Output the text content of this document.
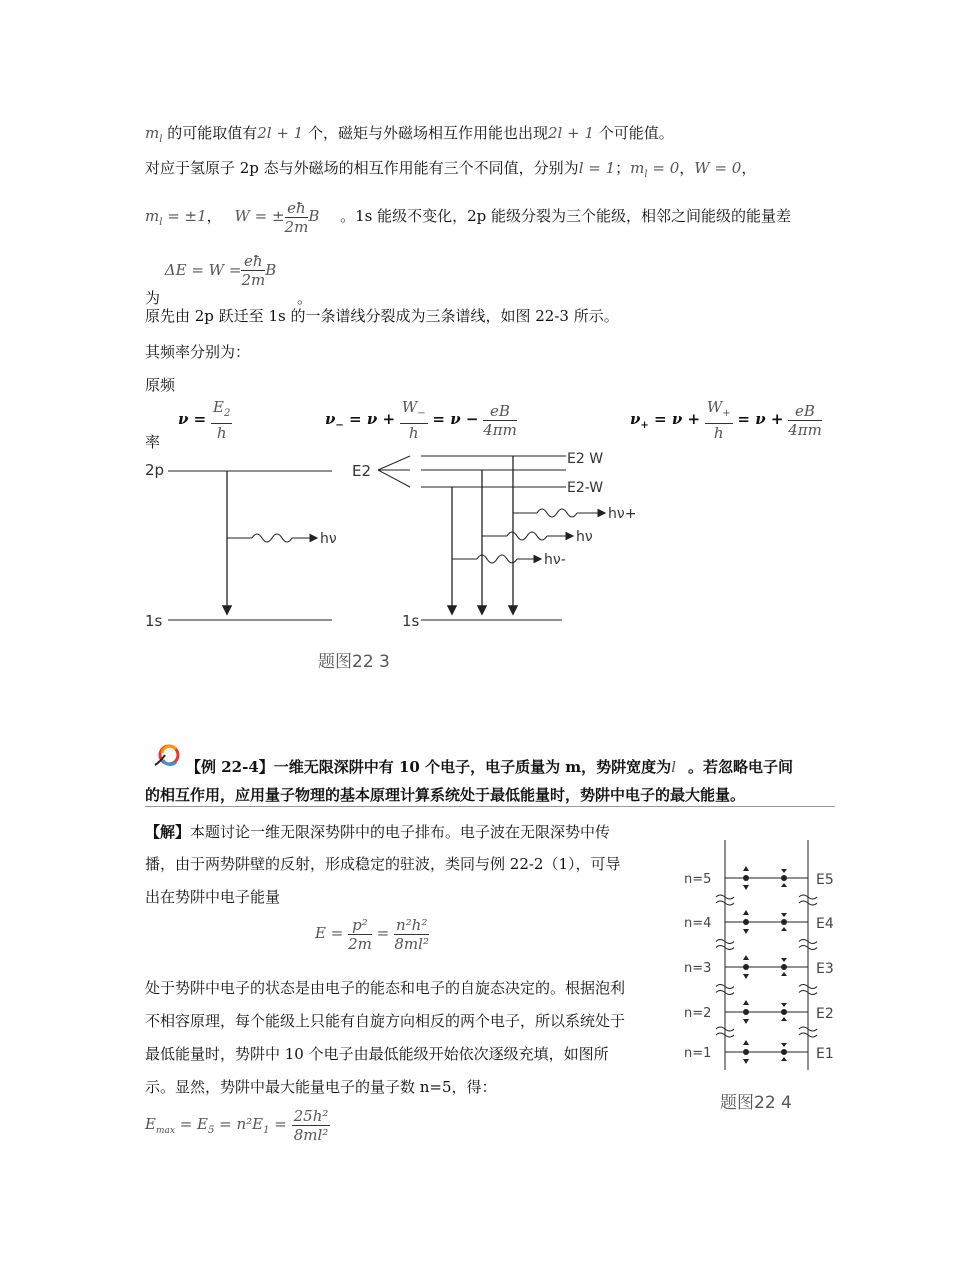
$m_l$ 的可能取值有2l + 1 个，磁矩与外磁场相互作用能也出现2l + 1 个可能值。
对应于氢原子 2p 态与外磁场的相互作用能有三个不同值，分别为l = 1；$m_l = 0$，W = 0，
$m_l = \pm 1$， W = ± $\frac{eħ}{2m}$ B 。1s 能级不变化，2p 能级分裂为三个能级，相邻之间能级的能量差
为 $\Delta E = W = \frac{eħ}{2m}$ B 。
原先由 2p 跃迁至 1s 的一条谱线分裂成为三条谱线，如图 22-3 所示。
其频率分别为：
原频
率
$\nu = \frac{E_2}{h}$	$\nu_- = \nu + \frac{W_-}{h} = \nu - \frac{eB}{4\pi m}$	$\nu_+ = \nu + \frac{W_+}{h} = \nu + \frac{eB}{4\pi m}$
2p
hν
1s
E2
E2 W
E2-W
hν+
hν
hν-
1s
题图22 3
【例 22-4】一维无限深阱中有 10 个电子，电子质量为 m，势阱宽度为l 。若忽略电子间
的相互作用，应用量子物理的基本原理计算系统处于最低能量时，势阱中电子的最大能量。
【解】本题讨论一维无限深势阱中的电子排布。电子波在无限深势中传
播，由于两势阱壁的反射，形成稳定的驻波，类同与例 22-2（1），可导
出在势阱中电子能量
$E = \frac{\text{p²}}{2m} = \frac{\text{n²h²}}{\text{8ml²}}$
处于势阱中电子的状态是由电子的能态和电子的自旋态决定的。根据泡利
不相容原理，每个能级上只能有自旋方向相反的两个电子，所以系统处于
最低能量时，势阱中 10 个电子由最低能级开始依次逐级充填，如图所
示。显然，势阱中最大能量电子的量子数 n=5，得：
$E_{max} = E_5 = n^2E_1 = \frac{\text{25h²}}{\text{8ml²}}$
n=5	E5
n=4	E4
n=3	E3
n=2	E2
n=1	E1
题图22 4
